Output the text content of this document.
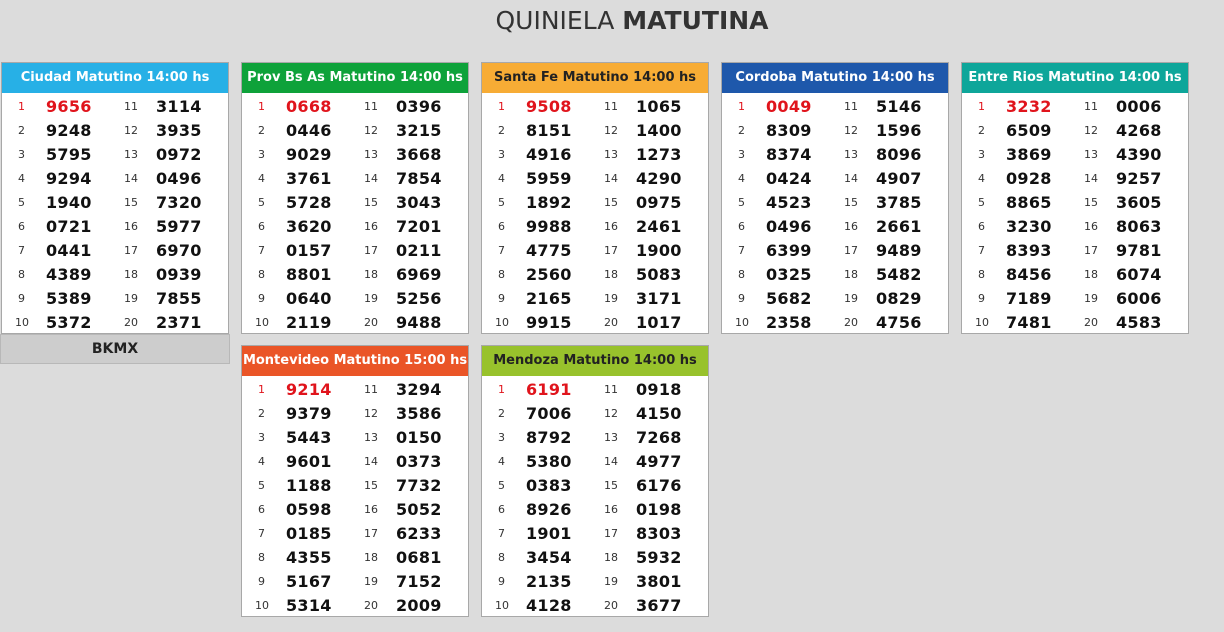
QUINIELA MATUTINA
Ciudad Matutino 14:00 hs
1 9656	11 3114
2 9248	12 3935
3 5795	13 0972
4 9294	14 0496
5 1940	15 7320
6 0721	16 5977
7 0441	17 6970
8 4389	18 0939
9 5389	19 7855
10 5372	20 2371
Prov Bs As Matutino 14:00 hs
1 0668	11 0396
2 0446	12 3215
3 9029	13 3668
4 3761	14 7854
5 5728	15 3043
6 3620	16 7201
7 0157	17 0211
8 8801	18 6969
9 0640	19 5256
10 2119	20 9488
Santa Fe Matutino 14:00 hs
1 9508	11 1065
2 8151	12 1400
3 4916	13 1273
4 5959	14 4290
5 1892	15 0975
6 9988	16 2461
7 4775	17 1900
8 2560	18 5083
9 2165	19 3171
10 9915	20 1017
Cordoba Matutino 14:00 hs
1 0049	11 5146
2 8309	12 1596
3 8374	13 8096
4 0424	14 4907
5 4523	15 3785
6 0496	16 2661
7 6399	17 9489
8 0325	18 5482
9 5682	19 0829
10 2358	20 4756
Entre Rios Matutino 14:00 hs
1 3232	11 0006
2 6509	12 4268
3 3869	13 4390
4 0928	14 9257
5 8865	15 3605
6 3230	16 8063
7 8393	17 9781
8 8456	18 6074
9 7189	19 6006
10 7481	20 4583
Montevideo Matutino 15:00 hs
1 9214	11 3294
2 9379	12 3586
3 5443	13 0150
4 9601	14 0373
5 1188	15 7732
6 0598	16 5052
7 0185	17 6233
8 4355	18 0681
9 5167	19 7152
10 5314	20 2009
Mendoza Matutino 14:00 hs
1 6191	11 0918
2 7006	12 4150
3 8792	13 7268
4 5380	14 4977
5 0383	15 6176
6 8926	16 0198
7 1901	17 8303
8 3454	18 5932
9 2135	19 3801
10 4128	20 3677
BKMX
